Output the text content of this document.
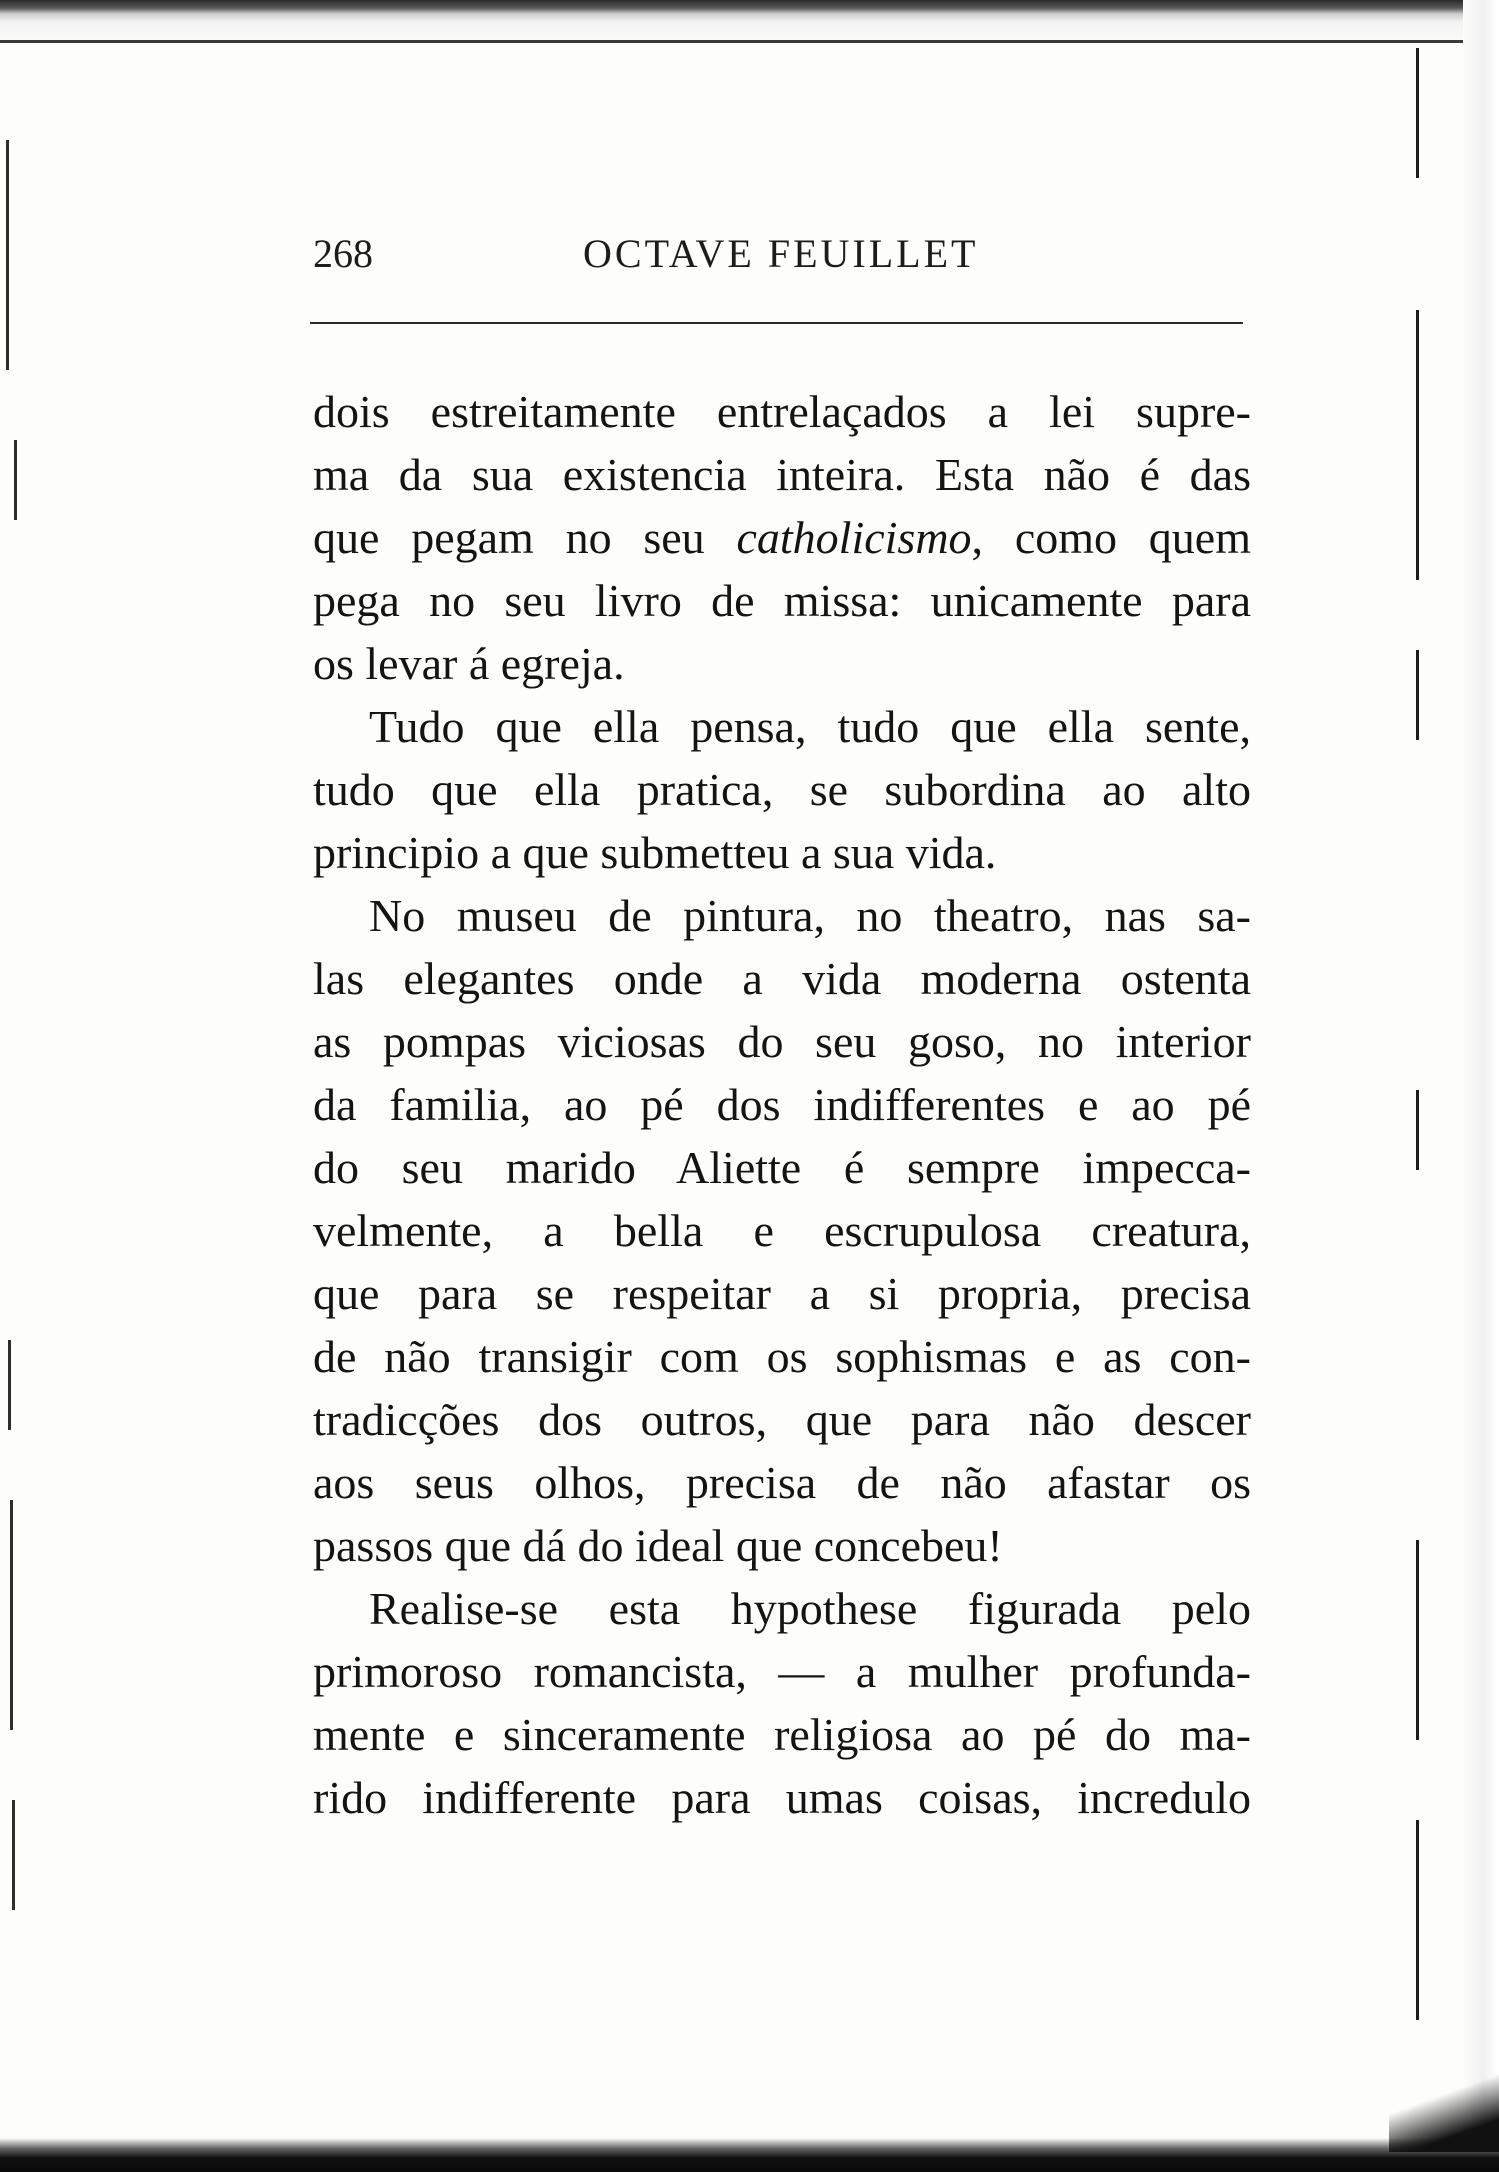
268	OCTAVE FEUILLET
dois estreitamente entrelaçados a lei supre-
ma da sua existencia inteira. Esta não é das
que pegam no seu catholicismo, como quem
pega no seu livro de missa: unicamente para
os levar á egreja.
Tudo que ella pensa, tudo que ella sente,
tudo que ella pratica, se subordina ao alto
principio a que submetteu a sua vida.
No museu de pintura, no theatro, nas sa-
las elegantes onde a vida moderna ostenta
as pompas viciosas do seu goso, no interior
da familia, ao pé dos indifferentes e ao pé
do seu marido Aliette é sempre impecca-
velmente, a bella e escrupulosa creatura,
que para se respeitar a si propria, precisa
de não transigir com os sophismas e as con-
tradicções dos outros, que para não descer
aos seus olhos, precisa de não afastar os
passos que dá do ideal que concebeu!
Realise-se esta hypothese figurada pelo
primoroso romancista, — a mulher profunda-
mente e sinceramente religiosa ao pé do ma-
rido indifferente para umas coisas, incredulo
